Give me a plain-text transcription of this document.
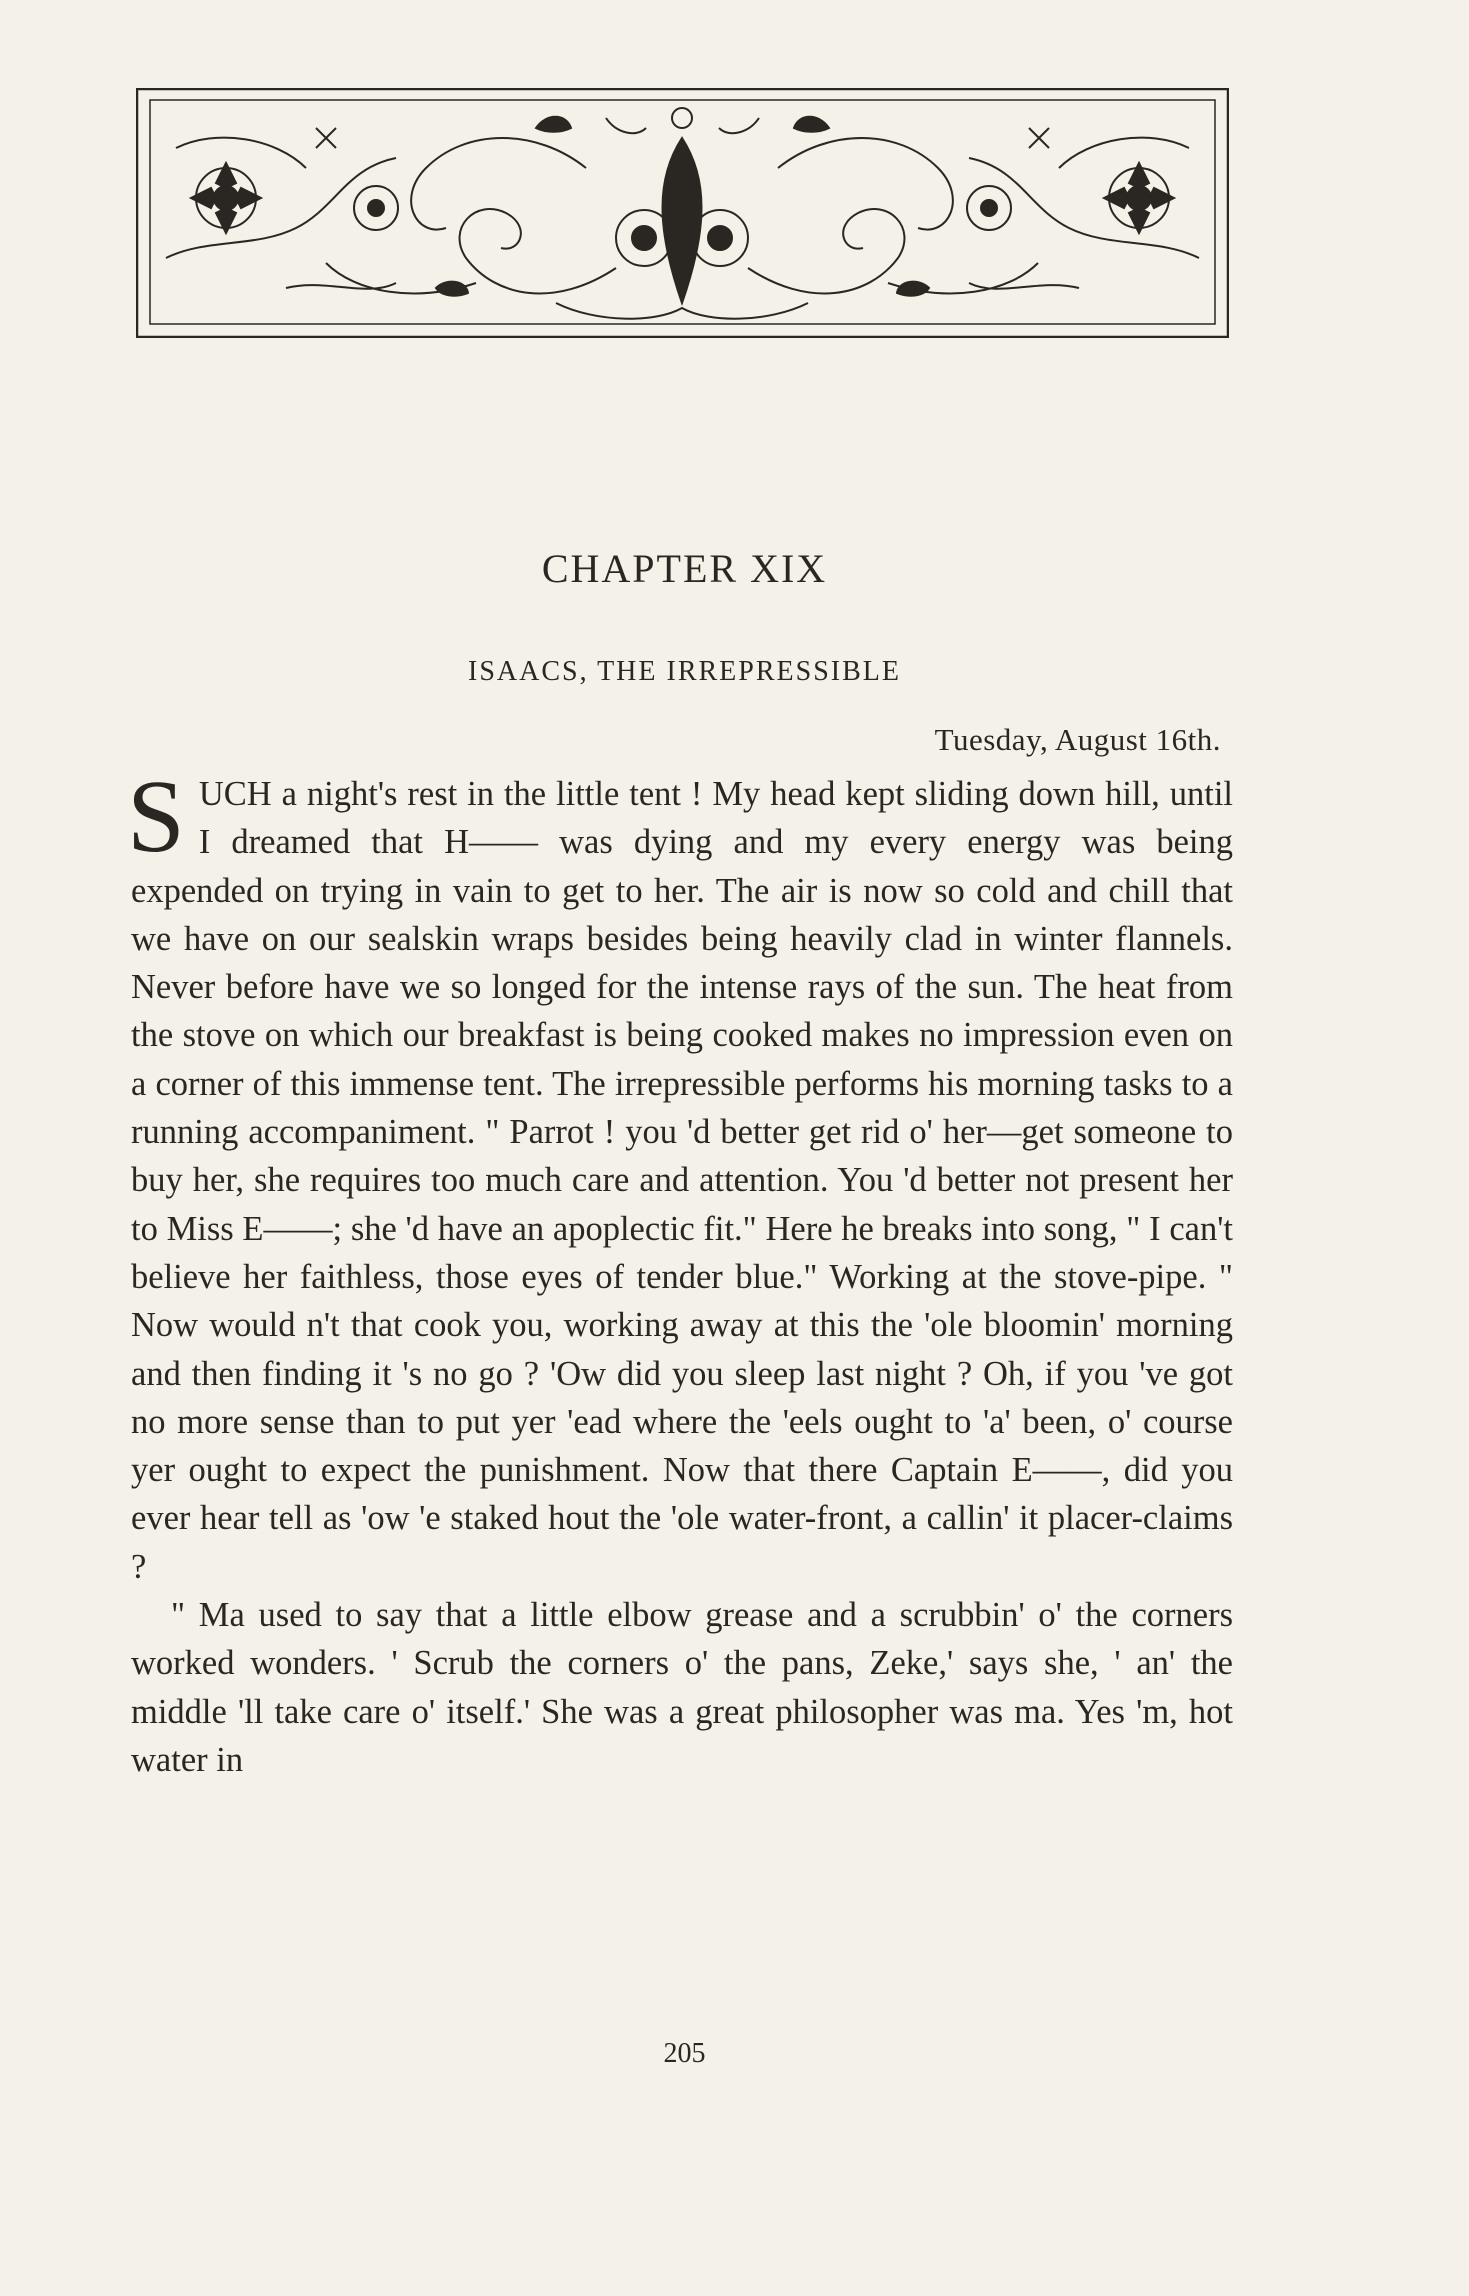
CHAPTER XIX
ISAACS, THE IRREPRESSIBLE
Tuesday, August 16th.

SUCH a night's rest in the little tent ! My head kept sliding down hill, until I dreamed that H—— was dying and my every energy was being expended on trying in vain to get to her. The air is now so cold and chill that we have on our sealskin wraps besides being heavily clad in winter flannels. Never before have we so longed for the intense rays of the sun. The heat from the stove on which our breakfast is being cooked makes no impression even on a corner of this immense tent. The irrepressible performs his morning tasks to a running accompaniment. " Parrot ! you 'd better get rid o' her—get someone to buy her, she requires too much care and attention. You 'd better not present her to Miss E——; she 'd have an apoplectic fit." Here he breaks into song, " I can't believe her faithless, those eyes of tender blue." Working at the stove-pipe. " Now would n't that cook you, working away at this the 'ole bloomin' morning and then finding it 's no go ? 'Ow did you sleep last night ? Oh, if you 've got no more sense than to put yer 'ead where the 'eels ought to 'a' been, o' course yer ought to expect the punishment. Now that there Captain E——, did you ever hear tell as 'ow 'e staked hout the 'ole water-front, a callin' it placer-claims ?

" Ma used to say that a little elbow grease and a scrubbin' o' the corners worked wonders. ' Scrub the corners o' the pans, Zeke,' says she, ' an' the middle 'll take care o' itself.' She was a great philosopher was ma. Yes 'm, hot water in

205
